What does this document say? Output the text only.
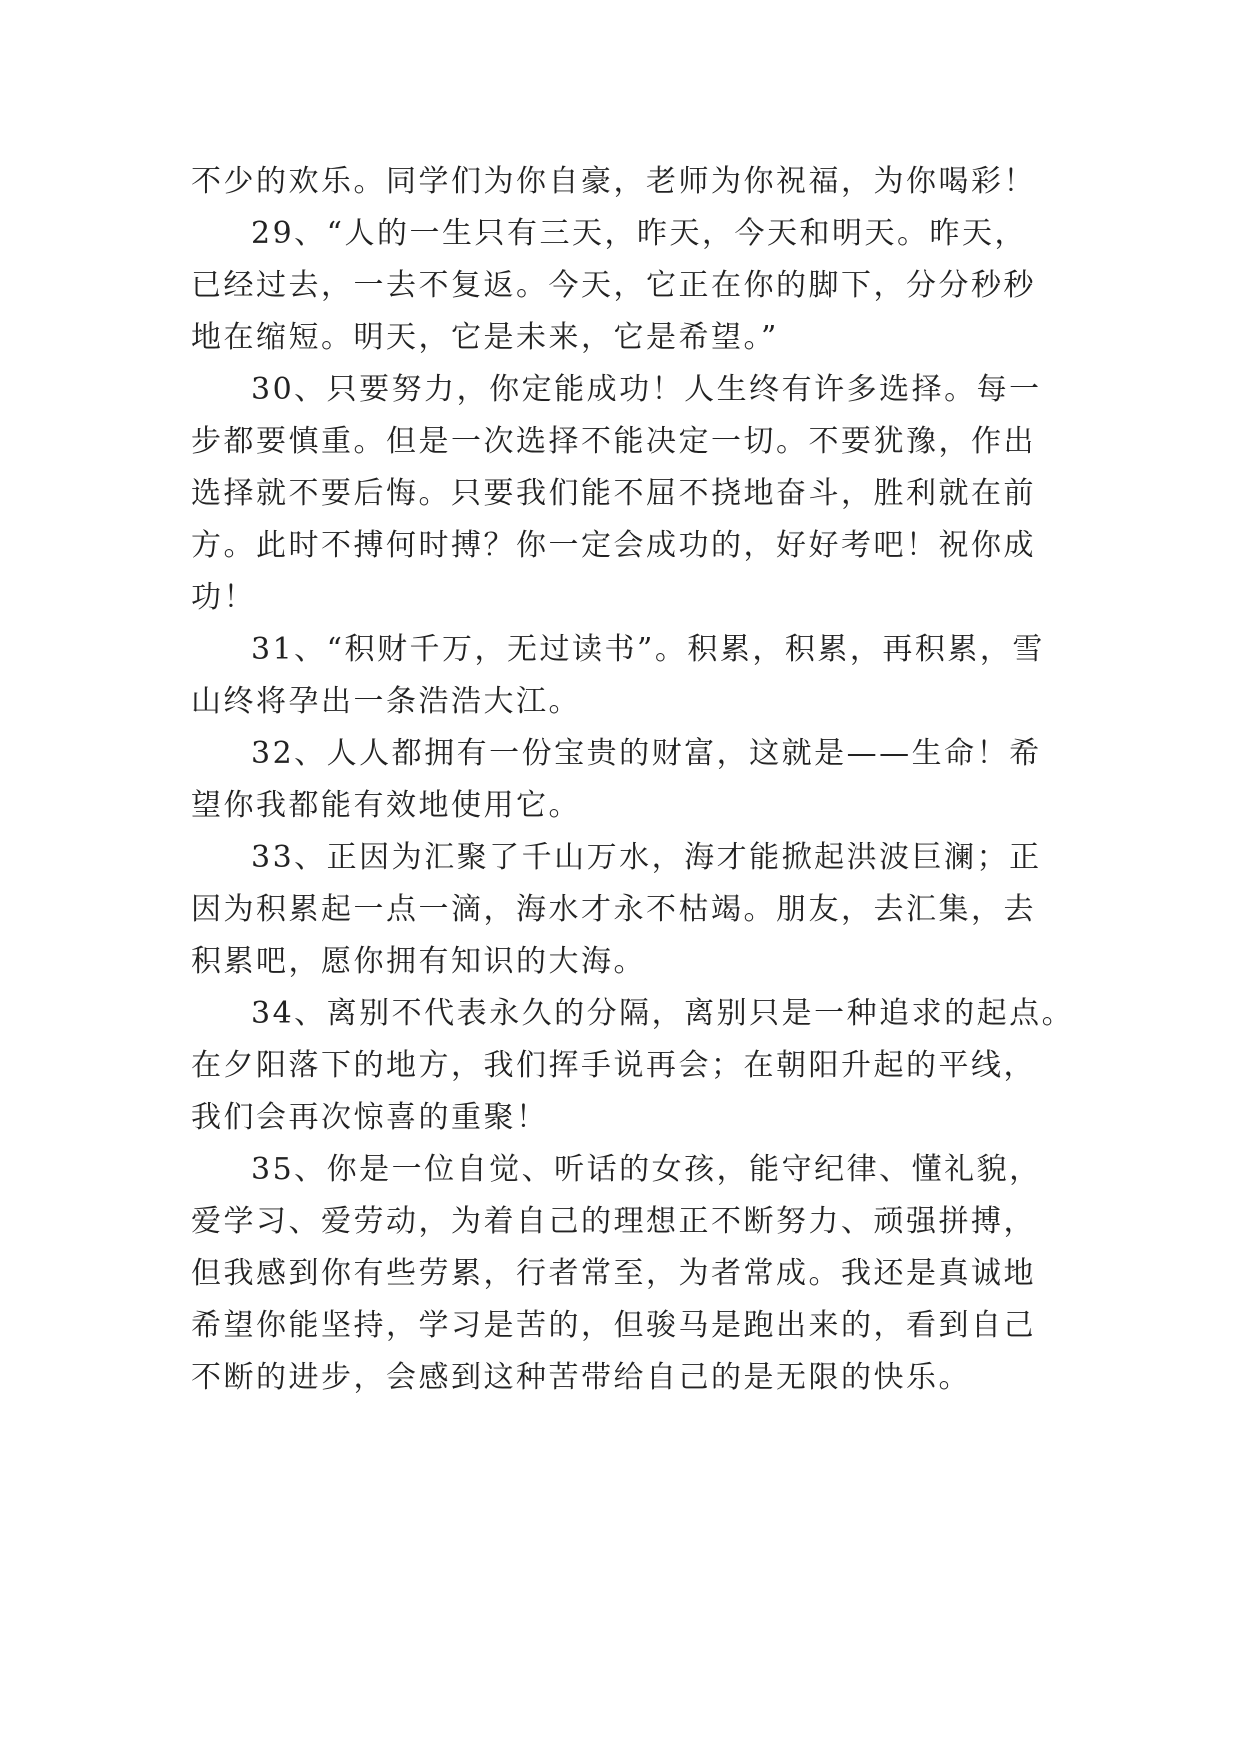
不少的欢乐。同学们为你自豪，老师为你祝福，为你喝彩！
29、“人的一生只有三天，昨天，今天和明天。昨天，
已经过去，一去不复返。今天，它正在你的脚下，分分秒秒
地在缩短。明天，它是未来，它是希望。”
30、只要努力，你定能成功！人生终有许多选择。每一
步都要慎重。但是一次选择不能决定一切。不要犹豫，作出
选择就不要后悔。只要我们能不屈不挠地奋斗，胜利就在前
方。此时不搏何时搏？你一定会成功的，好好考吧！祝你成
功！
31、“积财千万，无过读书”。积累，积累，再积累，雪
山终将孕出一条浩浩大江。
32、人人都拥有一份宝贵的财富，这就是——生命！希
望你我都能有效地使用它。
33、正因为汇聚了千山万水，海才能掀起洪波巨澜；正
因为积累起一点一滴，海水才永不枯竭。朋友，去汇集，去
积累吧，愿你拥有知识的大海。
34、离别不代表永久的分隔，离别只是一种追求的起点。
在夕阳落下的地方，我们挥手说再会；在朝阳升起的平线，
我们会再次惊喜的重聚！
35、你是一位自觉、听话的女孩，能守纪律、懂礼貌，
爱学习、爱劳动，为着自己的理想正不断努力、顽强拼搏，
但我感到你有些劳累，行者常至，为者常成。我还是真诚地
希望你能坚持，学习是苦的，但骏马是跑出来的，看到自己
不断的进步，会感到这种苦带给自己的是无限的快乐。
